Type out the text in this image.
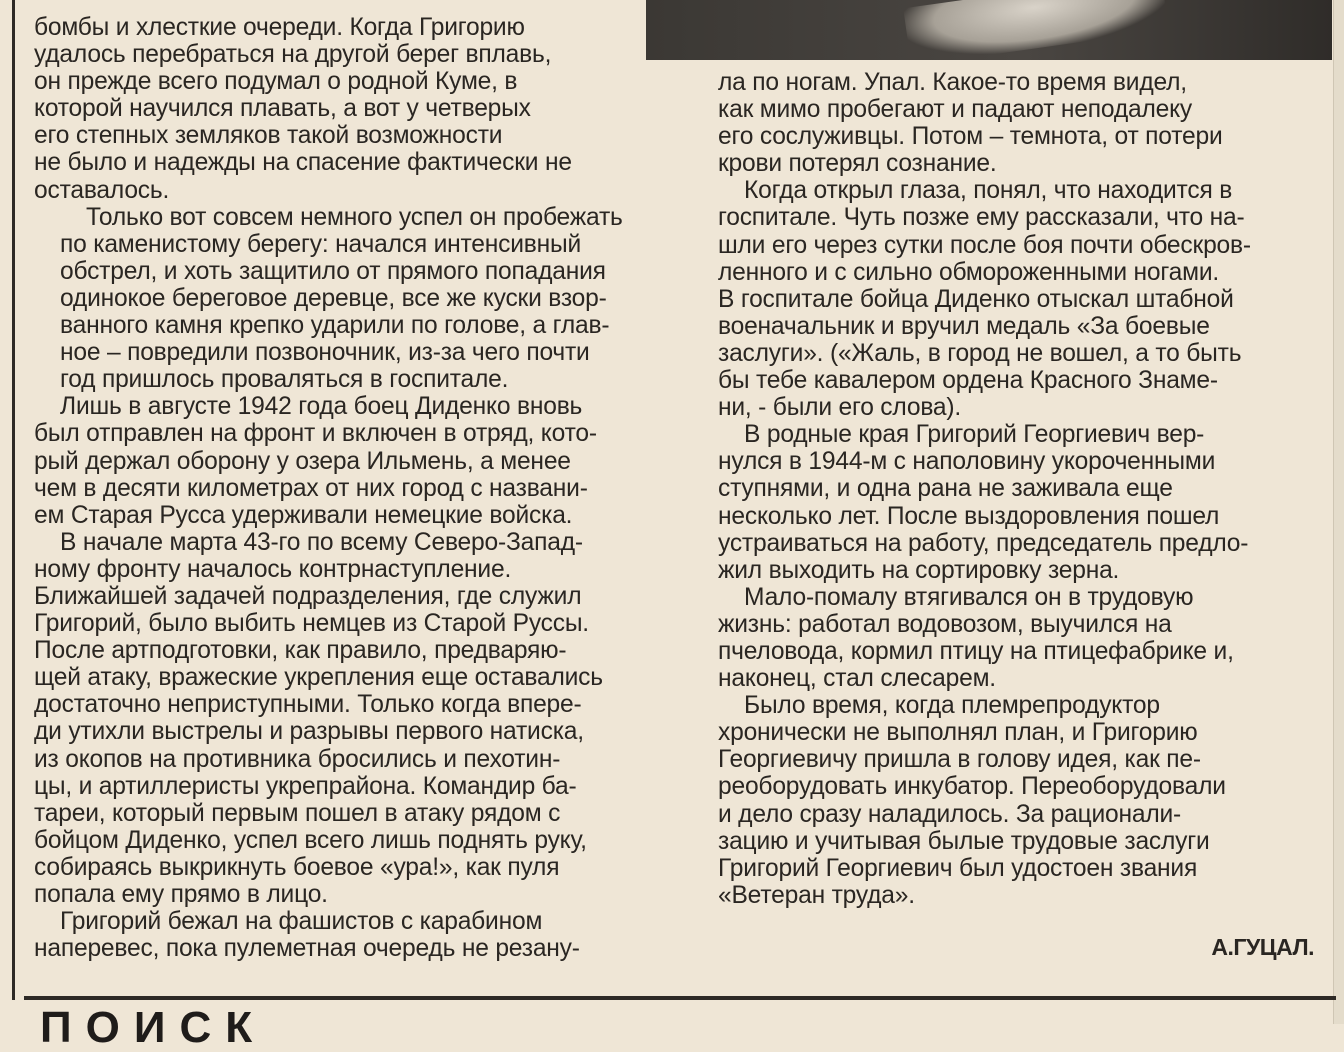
бомбы и хлесткие очереди. Когда Григорию
удалось перебраться на другой берег вплавь,
он прежде всего подумал о родной Куме, в
которой научился плавать, а вот у четверых
его степных земляков такой возможности
не было и надежды на спасение фактически не
оставалось.

Только вот совсем немного успел он пробежать
по каменистому берегу: начался интенсивный
обстрел, и хоть защитило от прямого попадания
одинокое береговое деревце, все же куски взор-
ванного камня крепко ударили по голове, а глав-
ное – повредили позвоночник, из-за чего почти
год пришлось проваляться в госпитале.

Лишь в августе 1942 года боец Диденко вновь
был отправлен на фронт и включен в отряд, кото-
рый держал оборону у озера Ильмень, а менее
чем в десяти километрах от них город с названи-
ем Старая Русса удерживали немецкие войска.

В начале марта 43-го по всему Северо-Запад-
ному фронту началось контрнаступление.
Ближайшей задачей подразделения, где служил
Григорий, было выбить немцев из Старой Руссы.
После артподготовки, как правило, предваряю-
щей атаку, вражеские укрепления еще оставались
достаточно неприступными. Только когда впере-
ди утихли выстрелы и разрывы первого натиска,
из окопов на противника бросились и пехотин-
цы, и артиллеристы укрепрайона. Командир ба-
тареи, который первым пошел в атаку рядом с
бойцом Диденко, успел всего лишь поднять руку,
собираясь выкрикнуть боевое «ура!», как пуля
попала ему прямо в лицо.

Григорий бежал на фашистов с карабином
наперевес, пока пулеметная очередь не резану-

ла по ногам. Упал. Какое-то время видел,
как мимо пробегают и падают неподалеку
его сослуживцы. Потом – темнота, от потери
крови потерял сознание.

Когда открыл глаза, понял, что находится в
госпитале. Чуть позже ему рассказали, что на-
шли его через сутки после боя почти обескров-
ленного и с сильно обмороженными ногами.
В госпитале бойца Диденко отыскал штабной
военачальник и вручил медаль «За боевые
заслуги». («Жаль, в город не вошел, а то быть
бы тебе кавалером ордена Красного Знаме-
ни, - были его слова).

В родные края Григорий Георгиевич вер-
нулся в 1944-м с наполовину укороченными
ступнями, и одна рана не заживала еще
несколько лет. После выздоровления пошел
устраиваться на работу, председатель предло-
жил выходить на сортировку зерна.

Мало-помалу втягивался он в трудовую
жизнь: работал водовозом, выучился на
пчеловода, кормил птицу на птицефабрике и,
наконец, стал слесарем.

Было время, когда племрепродуктор
хронически не выполнял план, и Григорию
Георгиевичу пришла в голову идея, как пе-
реоборудовать инкубатор. Переоборудовали
и дело сразу наладилось. За рационали-
зацию и учитывая былые трудовые заслуги
Григорий Георгиевич был удостоен звания
«Ветеран труда».

А.ГУЦАЛ.
ПОИСК
